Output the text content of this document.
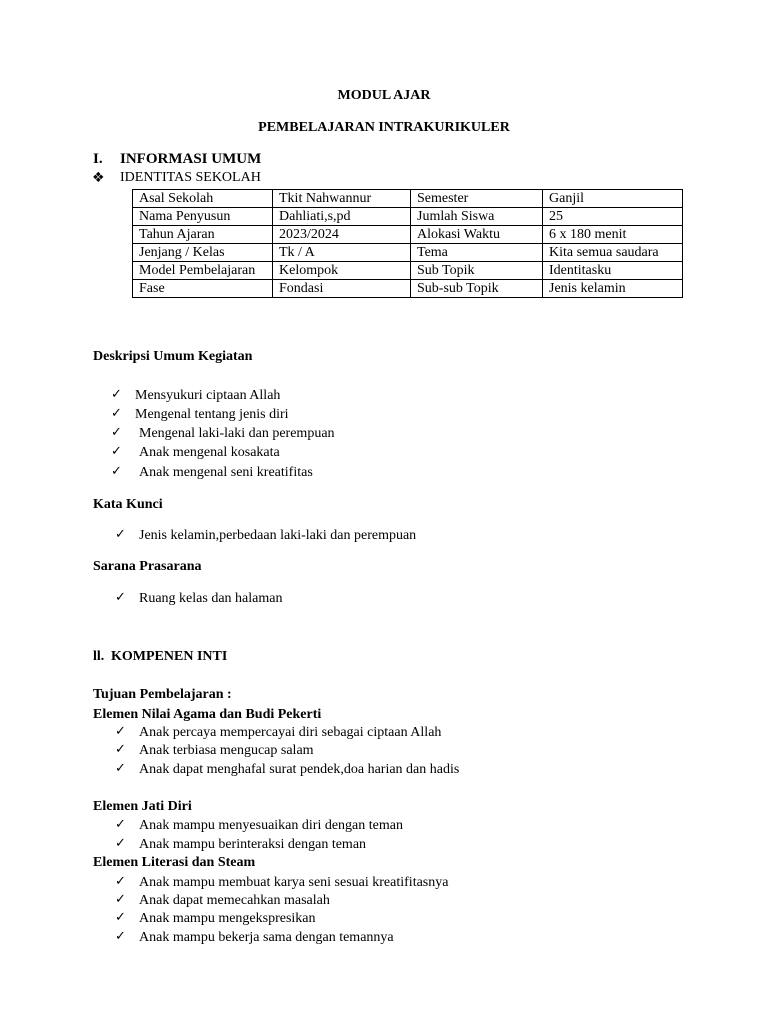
MODUL AJAR
PEMBELAJARAN INTRAKURIKULER
I. INFORMASI UMUM
❖ IDENTITAS SEKOLAH
Asal Sekolah	Tkit Nahwannur	Semester	Ganjil
Nama Penyusun	Dahliati,s,pd	Jumlah Siswa	25
Tahun Ajaran	2023/2024	Alokasi Waktu	6 x 180 menit
Jenjang / Kelas	Tk / A	Tema	Kita semua saudara
Model Pembelajaran	Kelompok	Sub Topik	Identitasku
Fase	Fondasi	Sub-sub Topik	Jenis kelamin
Deskripsi Umum Kegiatan
✓ Mensyukuri ciptaan Allah
✓ Mengenal tentang jenis diri
✓ Mengenal laki-laki dan perempuan
✓ Anak mengenal kosakata
✓ Anak mengenal seni kreatifitas
Kata Kunci
✓ Jenis kelamin,perbedaan laki-laki dan perempuan
Sarana Prasarana
✓ Ruang kelas dan halaman
ll. KOMPENEN INTI
Tujuan Pembelajaran :
Elemen Nilai Agama dan Budi Pekerti
✓ Anak percaya mempercayai diri sebagai ciptaan Allah
✓ Anak terbiasa mengucap salam
✓ Anak dapat menghafal surat pendek,doa harian dan hadis
Elemen Jati Diri
✓ Anak mampu menyesuaikan diri dengan teman
✓ Anak mampu berinteraksi dengan teman
Elemen Literasi dan Steam
✓ Anak mampu membuat karya seni sesuai kreatifitasnya
✓ Anak dapat memecahkan masalah
✓ Anak mampu mengekspresikan
✓ Anak mampu bekerja sama dengan temannya
